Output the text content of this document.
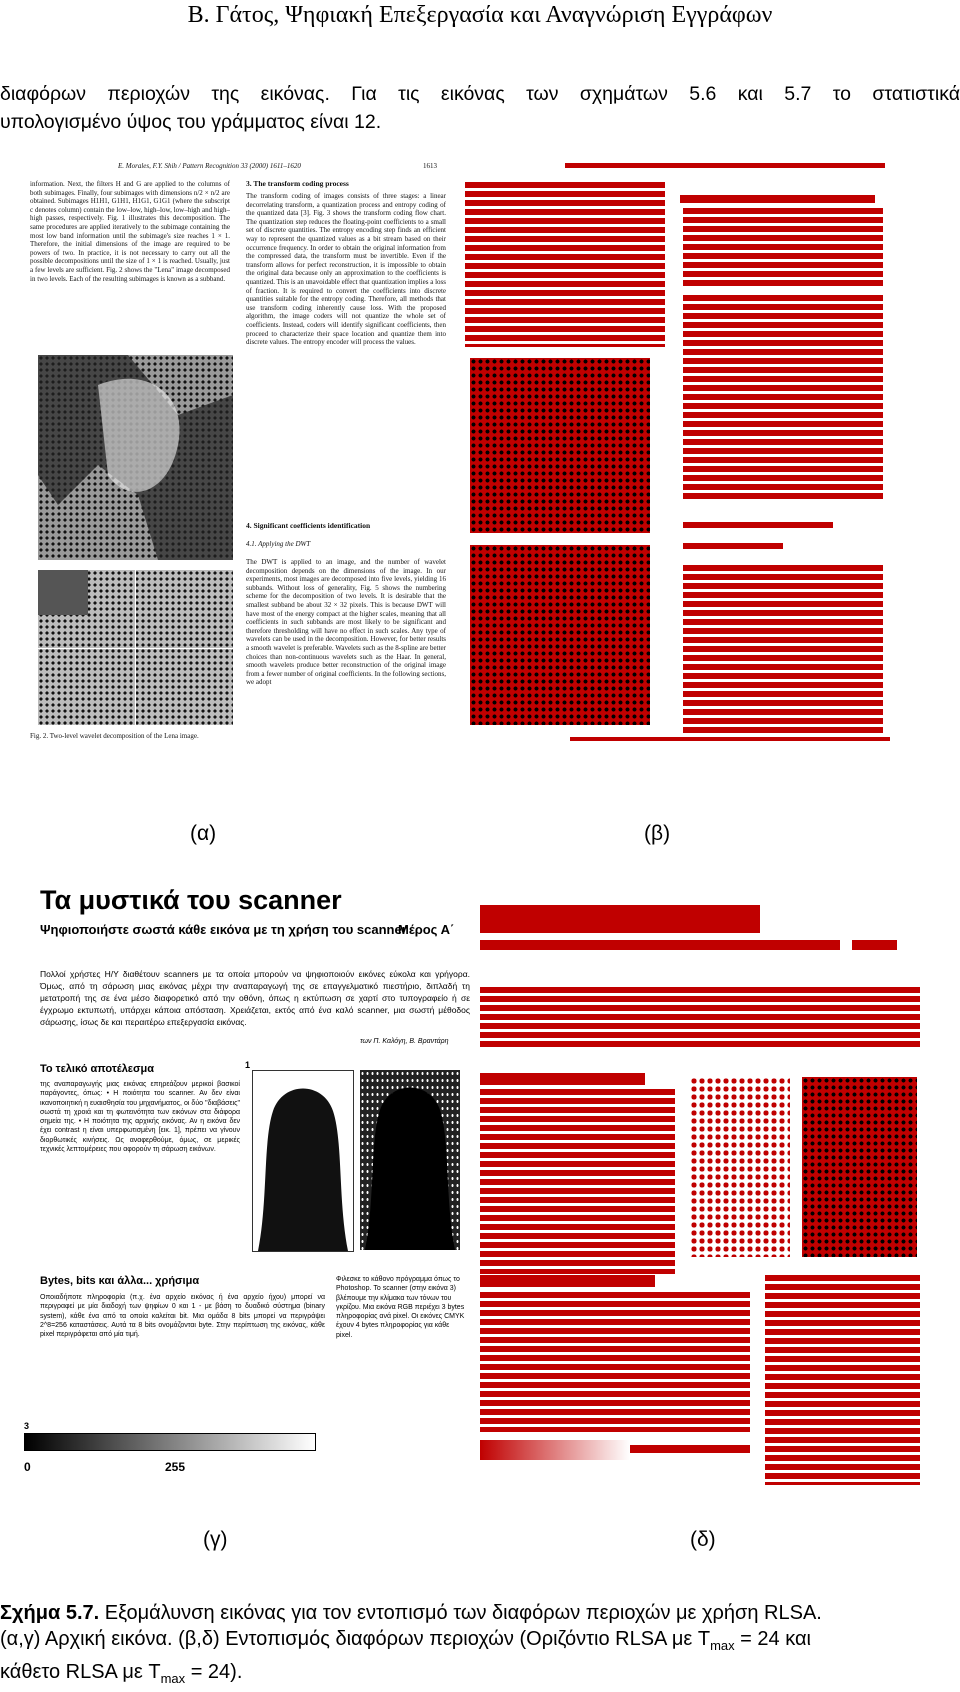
Β. Γάτος, Ψηφιακή Επεξεργασία και Αναγνώριση Εγγράφων
διαφόρων περιοχών της εικόνας. Για τις εικόνας των σχημάτων 5.6 και 5.7 το στατιστικά
υπολογισμένο ύψος του γράμματος είναι 12.
E. Morales, F.Y. Shih / Pattern Recognition 33 (2000) 1611–1620	1613
information. Next, the filters H and G are applied to the columns of both subimages. Finally, four subimages with dimensions n/2 × n/2 are obtained. Subimages H1H1, G1H1, H1G1, G1G1 (where the subscript c denotes column) contain the low–low, high–low, low–high and high–high passes, respectively. Fig. 1 illustrates this decomposition. The same procedures are applied iteratively to the subimage containing the most low band information until the subimage's size reaches 1 × 1. Therefore, the initial dimensions of the image are required to be powers of two. In practice, it is not necessary to carry out all the possible decompositions until the size of 1 × 1 is reached. Usually, just a few levels are sufficient. Fig. 2 shows the "Lena" image decomposed in two levels. Each of the resulting subimages is known as a subband.
Fig. 2. Two-level wavelet decomposition of the Lena image.
3. The transform coding process
The transform coding of images consists of three stages: a linear decorrelating transform, a quantization process and entropy coding of the quantized data [3]. Fig. 3 shows the transform coding flow chart. The quantization step reduces the floating-point coefficients to a small set of discrete quantities. The entropy encoding step finds an efficient way to represent the quantized values as a bit stream based on their occurrence frequency. In order to obtain the original information from the compressed data, the transform must be invertible. Even if the transform allows for perfect reconstruction, it is impossible to obtain the original data because only an approximation to the coefficients is quantized. This is an unavoidable effect that quantization implies a loss of fraction. It is required to convert the coefficients into discrete quantities suitable for the entropy coding. Therefore, all methods that use transform coding inherently cause loss. With the proposed algorithm, the image coders will not quantize the whole set of coefficients. Instead, coders will identify significant coefficients, then proceed to characterize their space location and quantize them into discrete values. The entropy encoder will process the values.
4. Significant coefficients identification
4.1. Applying the DWT
The DWT is applied to an image, and the number of wavelet decomposition depends on the dimensions of the image. In our experiments, most images are decomposed into five levels, yielding 16 subbands. Without loss of generality, Fig. 5 shows the numbering scheme for the decomposition of two levels. It is desirable that the smallest subband be about 32 × 32 pixels. This is because DWT will have most of the energy compact at the higher scales, meaning that all coefficients in such subbands are most likely to be significant and therefore thresholding will have no effect in such scales. Any type of wavelets can be used in the decomposition. However, for better results a smooth wavelet is preferable. Wavelets such as the 8-spline are better choices than non-continuous wavelets such as the Haar. In general, smooth wavelets produce better reconstruction of the original image from a fewer number of original coefficients. In the following sections, we adopt
(α)	(β)
Τα μυστικά του scanner
Ψηφιοποιήστε σωστά κάθε εικόνα με τη χρήση του scanner
Μέρος Α΄
Πολλοί χρήστες Η/Υ διαθέτουν scanners με τα οποία μπορούν να ψηφιοποιούν εικόνες εύκολα και γρήγορα. Όμως, από τη σάρωση μιας εικόνας μέχρι την αναπαραγωγή της σε επαγγελματικό πιεστήριο, διπλαδή τη μετατροπή της σε ένα μέσο διαφορετικό από την οθόνη, όπως η εκτύπωση σε χαρτί στο τυπογραφείο ή σε έγχρωμο εκτυπωτή, υπάρχει κάποια απόσταση. Χρειάζεται, εκτός από ένα καλό scanner, μια σωστή μέθοδος σάρωσης, ίσως δε και περαιτέρω επεξεργασία εικόνας.
των Π. Καλόγη, Β. Βραντάρη
Το τελικό αποτέλεσμα
της αναπαραγωγής μιας εικόνας επηρεάζουν μερικοί βασικοί παράγοντες, όπως: • Η ποιότητα του scanner. Αν δεν είναι ικανοποιητική η ευαισθησία του μηχανήματος, οι δύο "διαβάσεις" σωστά τη χροιά και τη φωτεινότητα των εικόνων στα διάφορα σημεία της. • Η ποιότητα της αρχικής εικόνας. Αν η εικόνα δεν έχει contrast η είναι υπερφωτισμένη [εικ. 1], πρέπει να γίνουν διορθωτικές κινήσεις. Ως αναφερθούμε, όμως, σε μερικές τεχνικές λεπτομέρειες που αφορούν τη σάρωση εικόνων.
1
Bytes, bits και άλλα... χρήσιμα
Οποιαδήποτε πληροφορία (π.χ. ένα αρχείο εικόνας ή ένα αρχείο ήχου) μπορεί να περιγραφεί με μία διαδοχή των ψηφίων 0 και 1 - με βάση το δυαδικό σύστημα (binary system), κάθε ένα από τα οποία καλείται bit. Μια ομάδα 8 bits μπορεί να περιγράψει 2^8=256 καταστάσεις. Αυτά τα 8 bits ονομάζονται byte. Στην περίπτωση της εικόνας, κάθε pixel περιγράφεται από μία τιμή.
Φιλεσκε το κάθονο πρόγραμμα όπως το Photoshop. Το scanner (στην εικόνα 3) βλέπουμε την κλίμακα των τόνων του γκρίζου. Μια εικόνα RGB περιέχει 3 bytes πληροφορίας ανά pixel. Οι εικόνες CMYK έχουν 4 bytes πληροφορίας για κάθε pixel.
3
0	255
(γ)	(δ)
Σχήμα 5.7. Εξομάλυνση εικόνας για τον εντοπισμό των διαφόρων περιοχών με χρήση RLSA.
(α,γ) Αρχική εικόνα. (β,δ) Εντοπισμός διαφόρων περιοχών (Οριζόντιο RLSA με $T_{max} = 24$ και
κάθετο RLSA με $T_{max} = 24$).
